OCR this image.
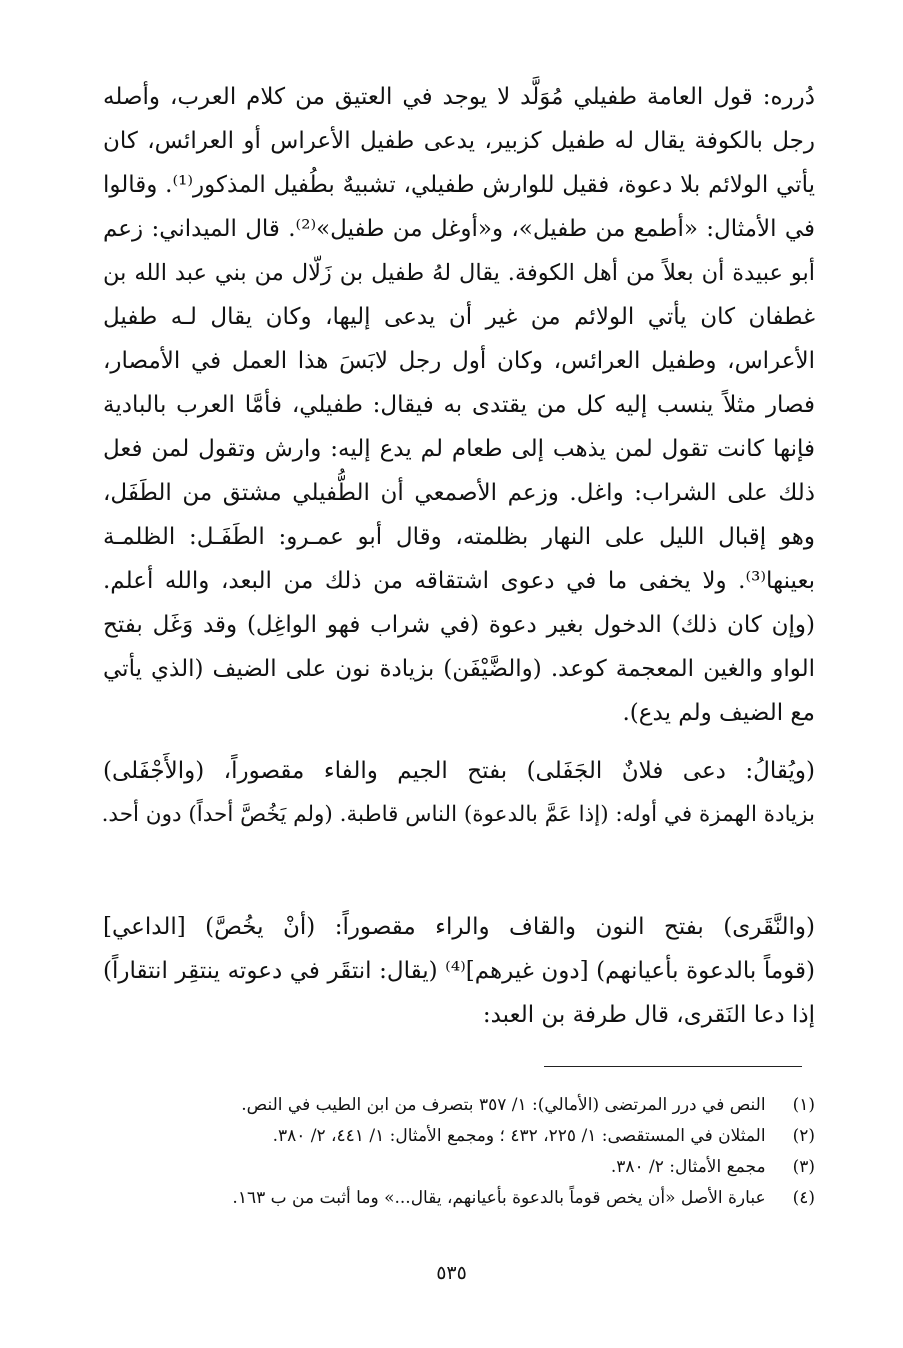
دُرره: قول العامة طفيلي مُوَلَّد لا يوجد في العتيق من كلام العرب، وأصله
رجل بالكوفة يقال له طفيل كزبير، يدعى طفيل الأعراس أو العرائس، كان
يأتي الولائم بلا دعوة، فقيل للوارش طفيلي، تشبيهٌ بطُفيل المذكور⁽¹⁾. وقالوا
في الأمثال: «أطمع من طفيل»، و«أوغل من طفيل»⁽²⁾. قال الميداني: زعم
أبو عبيدة أن بعلاً من أهل الكوفة. يقال لهُ طفيل بن زَلّال من بني عبد الله بن
غطفان كان يأتي الولائم من غير أن يدعى إليها، وكان يقال لـه طفيل
الأعراس، وطفيل العرائس، وكان أول رجل لابَسَ هذا العمل في الأمصار،
فصار مثلاً ينسب إليه كل من يقتدى به فيقال: طفيلي، فأمَّا العرب بالبادية
فإنها كانت تقول لمن يذهب إلى طعام لم يدع إليه: وارش وتقول لمن فعل
ذلك على الشراب: واغل. وزعم الأصمعي أن الطُّفيلي مشتق من الطَفَل،
وهو إقبال الليل على النهار بظلمته، وقال أبو عمـرو: الطَفَـل: الظلمـة
بعينها⁽³⁾. ولا يخفى ما في دعوى اشتقاقه من ذلك من البعد، والله أعلم.
(وإن كان ذلك) الدخول بغير دعوة (في شراب فهو الواغِل) وقد وَغَل بفتح
الواو والغين المعجمة كوعد. (والضَّيْفَن) بزيادة نون على الضيف (الذي يأتي
مع الضيف ولم يدع).
(ويُقالُ: دعى فلانٌ الجَفَلى) بفتح الجيم والفاء مقصوراً، (والأَجْفَلى)
بزيادة الهمزة في أوله: (إذا عَمَّ بالدعوة) الناس قاطبة. (ولم يَخُصَّ أحداً) دون أحد.
(والنَّقَرى) بفتح النون والقاف والراء مقصوراً: (أنْ يخُصَّ) [الداعي]
(قوماً بالدعوة بأعيانهم) [دون غيرهم]⁽⁴⁾ (يقال: انتقَر في دعوته ينتقِر انتقاراً)
إذا دعا النَقرى، قال طرفة بن العبد:
(١) النص في درر المرتضى (الأمالي): ١/ ٣٥٧ بتصرف من ابن الطيب في النص.
(٢) المثلان في المستقصى: ١/ ٢٢٥، ٤٣٢ ؛ ومجمع الأمثال: ١/ ٤٤١، ٢/ ٣٨٠.
(٣) مجمع الأمثال: ٢/ ٣٨٠.
(٤) عبارة الأصل «أن يخص قوماً بالدعوة بأعيانهم، يقال...» وما أثبت من ب ١٦٣.
٥٣٥
